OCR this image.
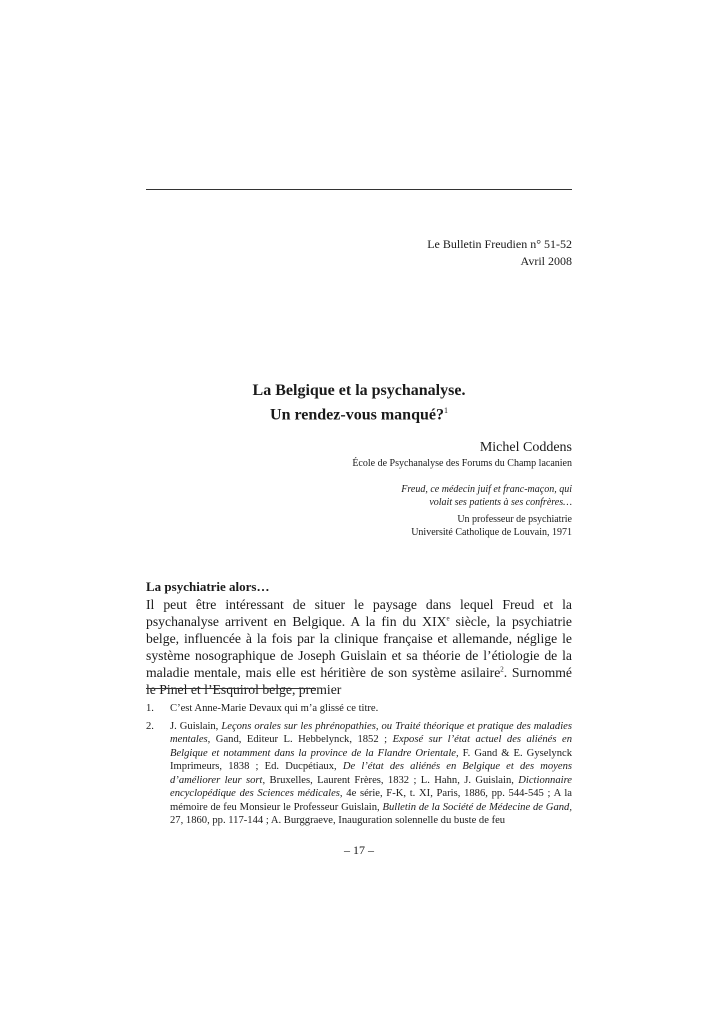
Le Bulletin Freudien n° 51-52
Avril 2008
La Belgique et la psychanalyse.
Un rendez-vous manqué?$^1$
Michel Coddens
École de Psychanalyse des Forums du Champ lacanien
Freud, ce médecin juif et franc-maçon, qui
volait ses patients à ses confrères…
Un professeur de psychiatrie
Université Catholique de Louvain, 1971
La psychiatrie alors…
Il peut être intéressant de situer le paysage dans lequel Freud et la psychanalyse arrivent en Belgique. A la fin du XIXe siècle, la psychiatrie belge, influencée à la fois par la clinique française et allemande, néglige le système nosographique de Joseph Guislain et sa théorie de l’étiologie de la maladie mentale, mais elle est héritière de son système asilaire$^2$. Surnommé le Pinel et l’Esquirol belge, premier
1.	C’est Anne-Marie Devaux qui m’a glissé ce titre.
2.	J. Guislain, Leçons orales sur les phrénopathies, ou Traité théorique et pratique des maladies mentales, Gand, Editeur L. Hebbelynck, 1852 ; Exposé sur l’état actuel des aliénés en Belgique et notamment dans la province de la Flandre Orientale, F. Gand & E. Gyselynck Imprimeurs, 1838 ; Ed. Ducpétiaux, De l’état des aliénés en Belgique et des moyens d’améliorer leur sort, Bruxelles, Laurent Frères, 1832 ; L. Hahn, J. Guislain, Dictionnaire encyclopédique des Sciences médicales, 4e série, F-K, t. XI, Paris, 1886, pp. 544-545 ; A la mémoire de feu Monsieur le Professeur Guislain, Bulletin de la Société de Médecine de Gand, 27, 1860, pp. 117-144 ; A. Burggraeve, Inauguration solennelle du buste de feu
– 17 –
